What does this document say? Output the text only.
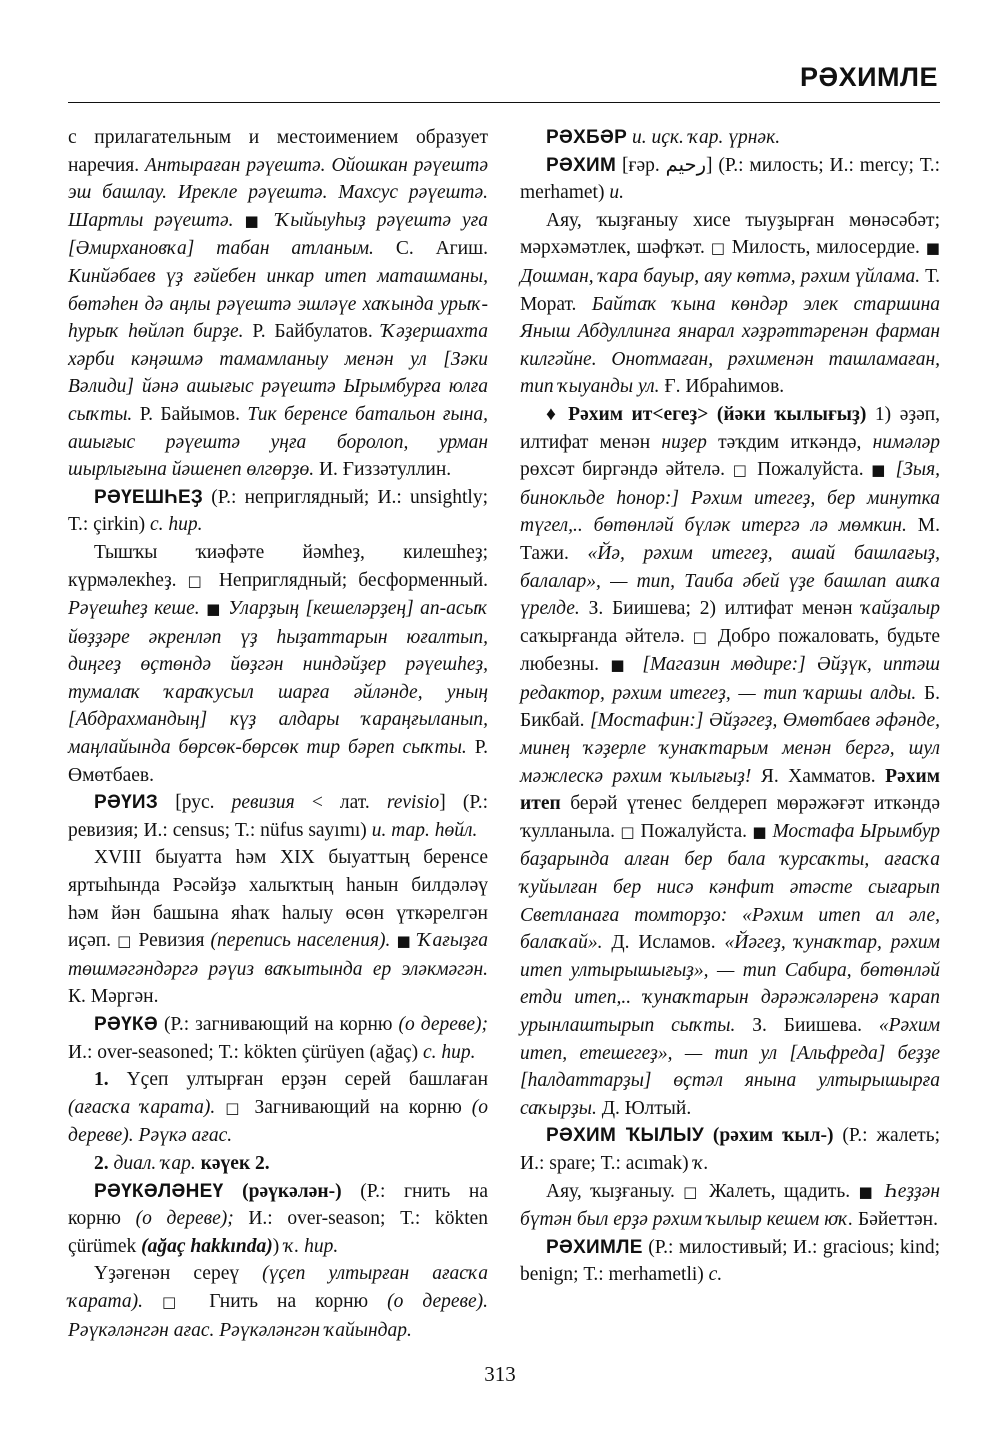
РӘХИМЛЕ

с прилагательным и местоимением образует наречия. Антыраған рәүештә. Ойошкан рәүештә эш башлау. Ирекле рәүештә. Махсус рәүештә. Шартлы рәүештә. ■ Ҡыйыуһыҙ рәүештә уға [Әмирхановҡа] табан атланым. С. Агиш. Кинйәбаев үҙ ғәйебен инкар итеп маташманы, бөтәһен дә аңлы рәүештә эшләүе хаҡында урыҡ-һурыҡ һөйләп бирҙе. Р. Байбулатов. Ҡәҙершахта хәрби кәңәшмә тамамланыу менән ул [Зәки Вәлиди] йәнә ашығыс рәүештә Ырымбурға юлға сыҡты. Р. Байымов. Тик беренсе батальон ғына, ашығыс рәүештә уңға боролоп, урман шырлығына йәшенеп өлгөрҙө. И. Ғиззәтуллин.

РӘҮЕШҺЕҘ (Р.: неприглядный; И.: unsightly; Т.: çirkin) с. һир.

Тышҡы ҡиәфәте йәмһеҙ, килешһеҙ; күрмәлекһеҙ. □ Неприглядный; бесформенный. Рәүешһеҙ кеше. ■ Уларҙың [кешеләрҙең] ап-асыҡ йөҙҙәре әкренләп үҙ һыҙаттарын юғалтып, диңгеҙ өҫтөндә йөҙгән ниндәйҙер рәүешһеҙ, тумалаҡ ҡараҡусыл шарға әйләнде, уның [Абдрахмандың] күҙ алдары ҡараңғыланып, маңлайында бөрсөк-бөрсөк тир бәреп сыҡты. Р. Өмөтбаев.

РӘҮИЗ [рус. ревизия < лат. revisio] (Р.: ревизия; И.: census; Т.: nüfus sayımı) и. тар. һөйл.

XVIII быуатта һәм XIX быуаттың беренсе яртыһында Рәсәйҙә халыҡтың һанын билдәләү һәм йән башына яһаҡ һалыу өсөн үткәрелгән иҫәп. □ Ревизия (перепись населения). ■ Ҡағыҙға төшмәгәндәргә рәүиз ваҡытында ер эләкмәгән. К. Мәргән.

РӘҮКӘ (Р.: загнивающий на корню (о дереве); И.: over-seasoned; Т.: kökten çürüyen (ağaç) с. һир.

1. Үҫеп ултырған ерҙән серей башлаған (ағасҡа ҡарата). □ Загнивающий на корню (о дереве). Рәүкә ағас.

2. диал. ҡар. кәүек 2.

РӘҮКӘЛӘНЕҮ (рәүкәлән-) (Р.: гнить на корню (о дереве); И.: over-season; Т.: kökten çürümek (ağaç hakkında)) ҡ. һир.

Үҙәгенән сереү (үҫеп ултырған ағасҡа ҡарата). □ Гнить на корню (о дереве). Рәүкәләнгән ағас. Рәүкәләнгән ҡайындар.

РӘХБӘР и. иҫк. ҡар. үрнәк.

РӘХИМ [ғәр. رحيم] (Р.: милость; И.: mercy; Т.: merhamet) и.

Аяу, ҡыҙғаныу хисе тыуҙырған мөнәсәбәт; мәрхәмәтлек, шәфҡәт. □ Милость, милосердие. ■ Дошман, ҡара бауыр, аяу көтмә, рәхим үйлама. Т. Морат. Байтаҡ ҡына көндәр элек старшина Яныш Абдуллинға янарал хәҙрәттәренән фарман килгәйне. Онотмаған, рәхименән ташламаған, тип ҡыуанды ул. Ғ. Ибраһимов.

♦ Рәхим ит<егеҙ> (йәки ҡылығыҙ) 1) әҙәп, илтифат менән ниҙер тәҡдим иткәндә, нимәләр рөхсәт биргәндә әйтелә. □ Пожалуйста. ■ [Зыя, бинокльде һонop:] Рәхим итегеҙ, бер минутка түгел,.. бөтөнләй бүләк итергә лә мөмкин. М. Тажи. «Йә, рәхим итегеҙ, ашай башлағыҙ, балалар», — тип, Таиба әбей үҙе башлап ашҡа үрелде. З. Биишева; 2) илтифат менән ҡайҙалыр саҡырғанда әйтелә. □ Добро пожаловать, будьте любезны. ■ [Магазин мөдире:] Әйҙүк, иптәш редактор, рәхим итегеҙ, — тип ҡаршы алды. Б. Бикбай. [Мостафин:] Әйҙәгеҙ, Өмөтбаев әфәнде, минең ҡәҙерле ҡунаҡтарым менән бергә, шул мәжлескә рәхим ҡылығыҙ! Я. Хамматов. Рәхим итеп берәй үтенес белдереп мөрәжәғәт иткәндә ҡулланыла. □ Пожалуйста. ■ Мостафа Ырымбур баҙарында алған бер бала ҡурсаҡты, ағасҡа ҡуйылған бер нисә кәнфит әтәсте сығарып Светланаға томторҙо: «Рәхим итеп ал әле, балаҡай». Д. Исламов. «Йәгеҙ, ҡунаҡтар, рәхим итеп ултырышығыҙ», — тип Сабира, бөтөнләй етди итеп,.. ҡунаҡтарын дәрәжәләренә ҡарап урынлаштырып сыҡты. З. Биишева. «Рәхим итеп, етешегеҙ», — тип ул [Альфреда] беҙҙе [һалдаттарҙы] өҫтәл янына ултырышырға саҡырҙы. Д. Юлтый.

РӘХИМ ҠЫЛЫУ (рәхим ҡыл-) (Р.: жалеть; И.: spare; Т.: acımak) ҡ.

Аяу, ҡыҙғаныу. □ Жалеть, щадить. ■ Һеҙҙән бүтән был ерҙә рәхим ҡылыр кешем юҡ. Бәйеттән.

РӘХИМЛЕ (Р.: милостивый; И.: gracious; kind; benign; Т.: merhametli) с.

313
